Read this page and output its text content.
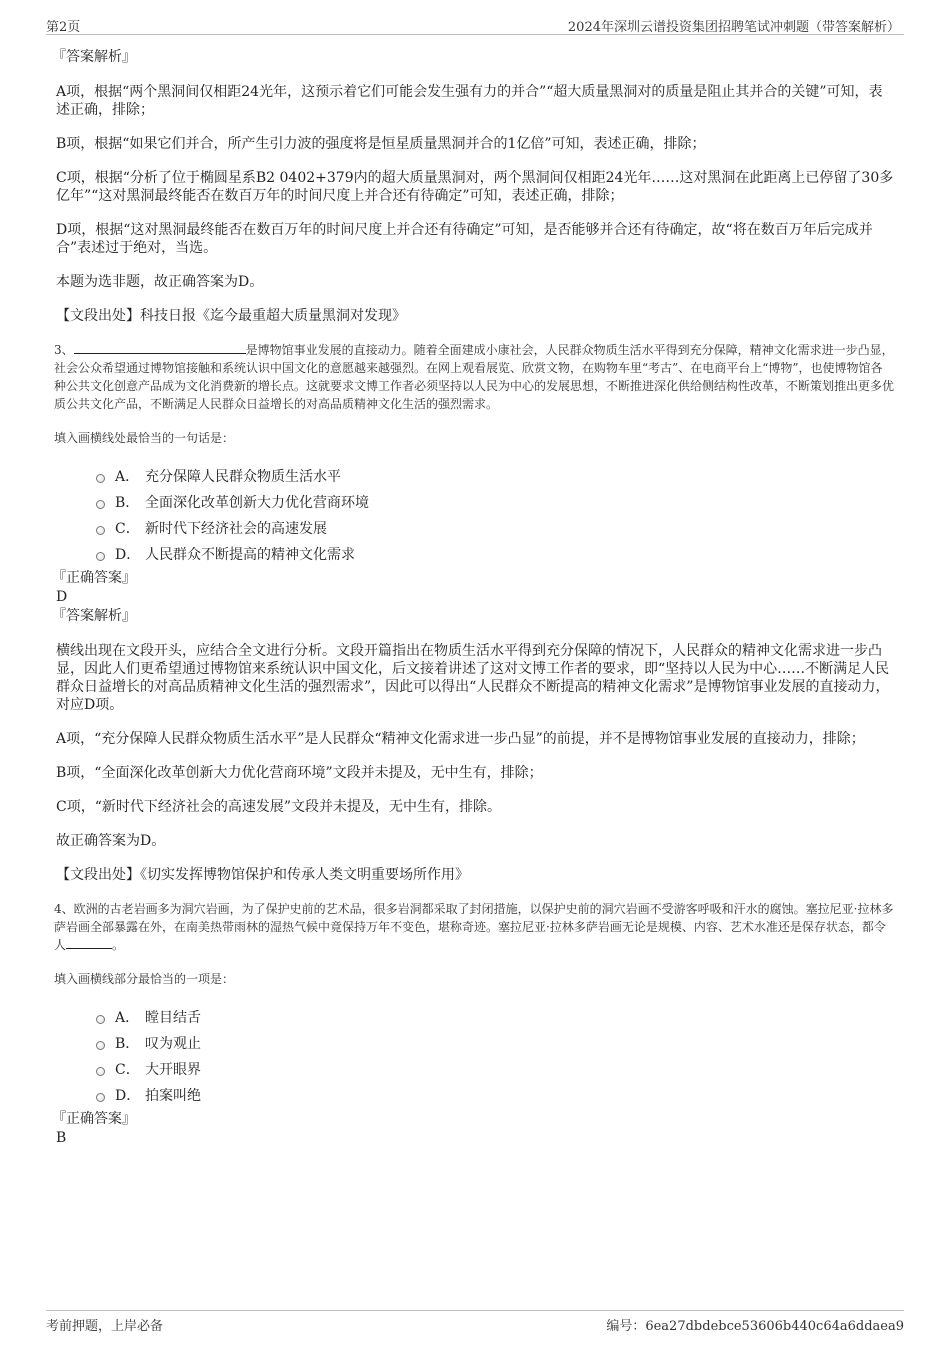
第2页	2024年深圳云谱投资集团招聘笔试冲刺题（带答案解析）

『答案解析』

A项，根据“两个黑洞间仅相距24光年，这预示着它们可能会发生强有力的并合”“超大质量黑洞对的质量是阻止其并合的关键”可知，表述正确，排除；

B项，根据“如果它们并合，所产生引力波的强度将是恒星质量黑洞并合的1亿倍”可知，表述正确，排除；

C项，根据“分析了位于椭圆星系B2 0402+379内的超大质量黑洞对，两个黑洞间仅相距24光年……这对黑洞在此距离上已停留了30多亿年”“这对黑洞最终能否在数百万年的时间尺度上并合还有待确定”可知，表述正确，排除；

D项，根据“这对黑洞最终能否在数百万年的时间尺度上并合还有待确定”可知，是否能够并合还有待确定，故“将在数百万年后完成并合”表述过于绝对，当选。

本题为选非题，故正确答案为D。

【文段出处】科技日报《迄今最重超大质量黑洞对发现》

3、	是博物馆事业发展的直接动力。随着全面建成小康社会，人民群众物质生活水平得到充分保障，精神文化需求进一步凸显，社会公众希望通过博物馆接触和系统认识中国文化的意愿越来越强烈。在网上观看展览、欣赏文物，在购物车里“考古”、在电商平台上“博物”，也使博物馆各种公共文化创意产品成为文化消费新的增长点。这就要求文博工作者必须坚持以人民为中心的发展思想，不断推进深化供给侧结构性改革，不断策划推出更多优质公共文化产品，不断满足人民群众日益增长的对高品质精神文化生活的强烈需求。

填入画横线处最恰当的一句话是：

A． 充分保障人民群众物质生活水平
B． 全面深化改革创新大力优化营商环境
C． 新时代下经济社会的高速发展
D． 人民群众不断提高的精神文化需求

『正确答案』

D

『答案解析』

横线出现在文段开头，应结合全文进行分析。文段开篇指出在物质生活水平得到充分保障的情况下，人民群众的精神文化需求进一步凸显，因此人们更希望通过博物馆来系统认识中国文化，后文接着讲述了这对文博工作者的要求，即“坚持以人民为中心……不断满足人民群众日益增长的对高品质精神文化生活的强烈需求”，因此可以得出“人民群众不断提高的精神文化需求”是博物馆事业发展的直接动力，对应D项。

A项，“充分保障人民群众物质生活水平”是人民群众“精神文化需求进一步凸显”的前提，并不是博物馆事业发展的直接动力，排除；

B项，“全面深化改革创新大力优化营商环境”文段并未提及，无中生有，排除；

C项，“新时代下经济社会的高速发展”文段并未提及，无中生有，排除。

故正确答案为D。

【文段出处】《切实发挥博物馆保护和传承人类文明重要场所作用》

4、欧洲的古老岩画多为洞穴岩画，为了保护史前的艺术品，很多岩洞都采取了封闭措施，以保护史前的洞穴岩画不受游客呼吸和汗水的腐蚀。塞拉尼亚·拉林多萨岩画全部暴露在外，在南美热带雨林的湿热气候中竟保持万年不变色，堪称奇迹。塞拉尼亚·拉林多萨岩画无论是规模、内容、艺术水准还是保存状态，都令人	。

填入画横线部分最恰当的一项是：

A． 瞠目结舌
B． 叹为观止
C． 大开眼界
D． 拍案叫绝

『正确答案』

B

考前押题，上岸必备	编号：6ea27dbdebce53606b440c64a6ddaea9
